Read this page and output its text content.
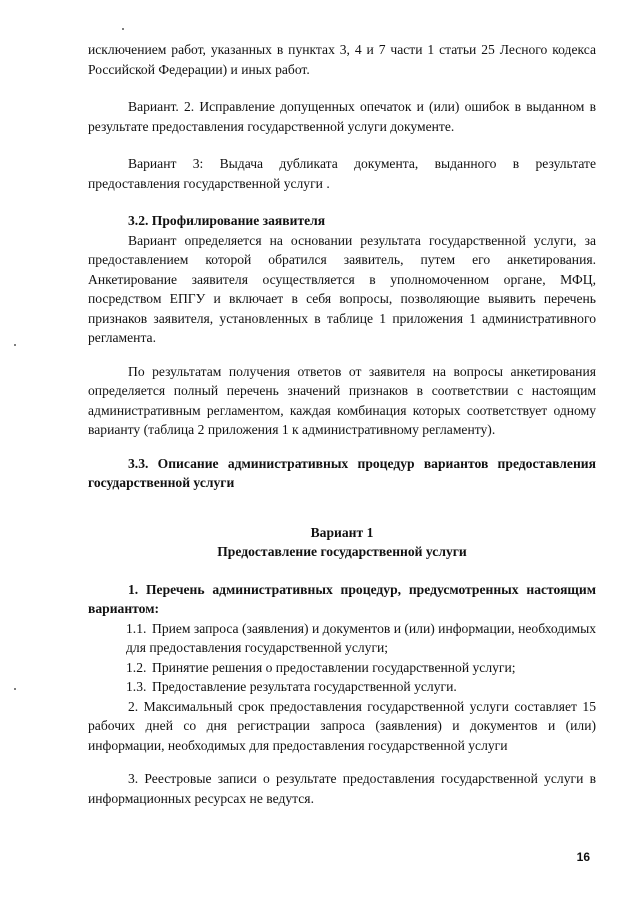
исключением работ, указанных в пунктах 3, 4 и 7 части 1 статьи 25 Лесного кодекса Российской Федерации) и иных работ.

Вариант. 2. Исправление допущенных опечаток и (или) ошибок в выданном в результате предоставления государственной услуги документе.

Вариант 3: Выдача дубликата документа, выданного в результате предоставления государственной услуги .

3.2. Профилирование заявителя

Вариант определяется на основании результата государственной услуги, за предоставлением которой обратился заявитель, путем его анкетирования. Анкетирование заявителя осуществляется в уполномоченном органе, МФЦ, посредством ЕПГУ и включает в себя вопросы, позволяющие выявить перечень признаков заявителя, установленных в таблице 1 приложения 1 административного регламента.

По результатам получения ответов от заявителя на вопросы анкетирования определяется полный перечень значений признаков в соответствии с настоящим административным регламентом, каждая комбинация которых соответствует одному варианту (таблица 2 приложения 1 к административному регламенту).

3.3. Описание административных процедур вариантов предоставления государственной услуги

Вариант 1

Предоставление государственной услуги

1. Перечень административных процедур, предусмотренных настоящим вариантом:

1.1. Прием запроса (заявления) и документов и (или) информации, необходимых для предоставления государственной услуги;

1.2. Принятие решения о предоставлении государственной услуги;

1.3. Предоставление результата государственной услуги.

2. Максимальный срок предоставления государственной услуги составляет 15 рабочих дней со дня регистрации запроса (заявления) и документов и (или) информации, необходимых для предоставления государственной услуги

3. Реестровые записи о результате предоставления государственной услуги в информационных ресурсах не ведутся.

16
